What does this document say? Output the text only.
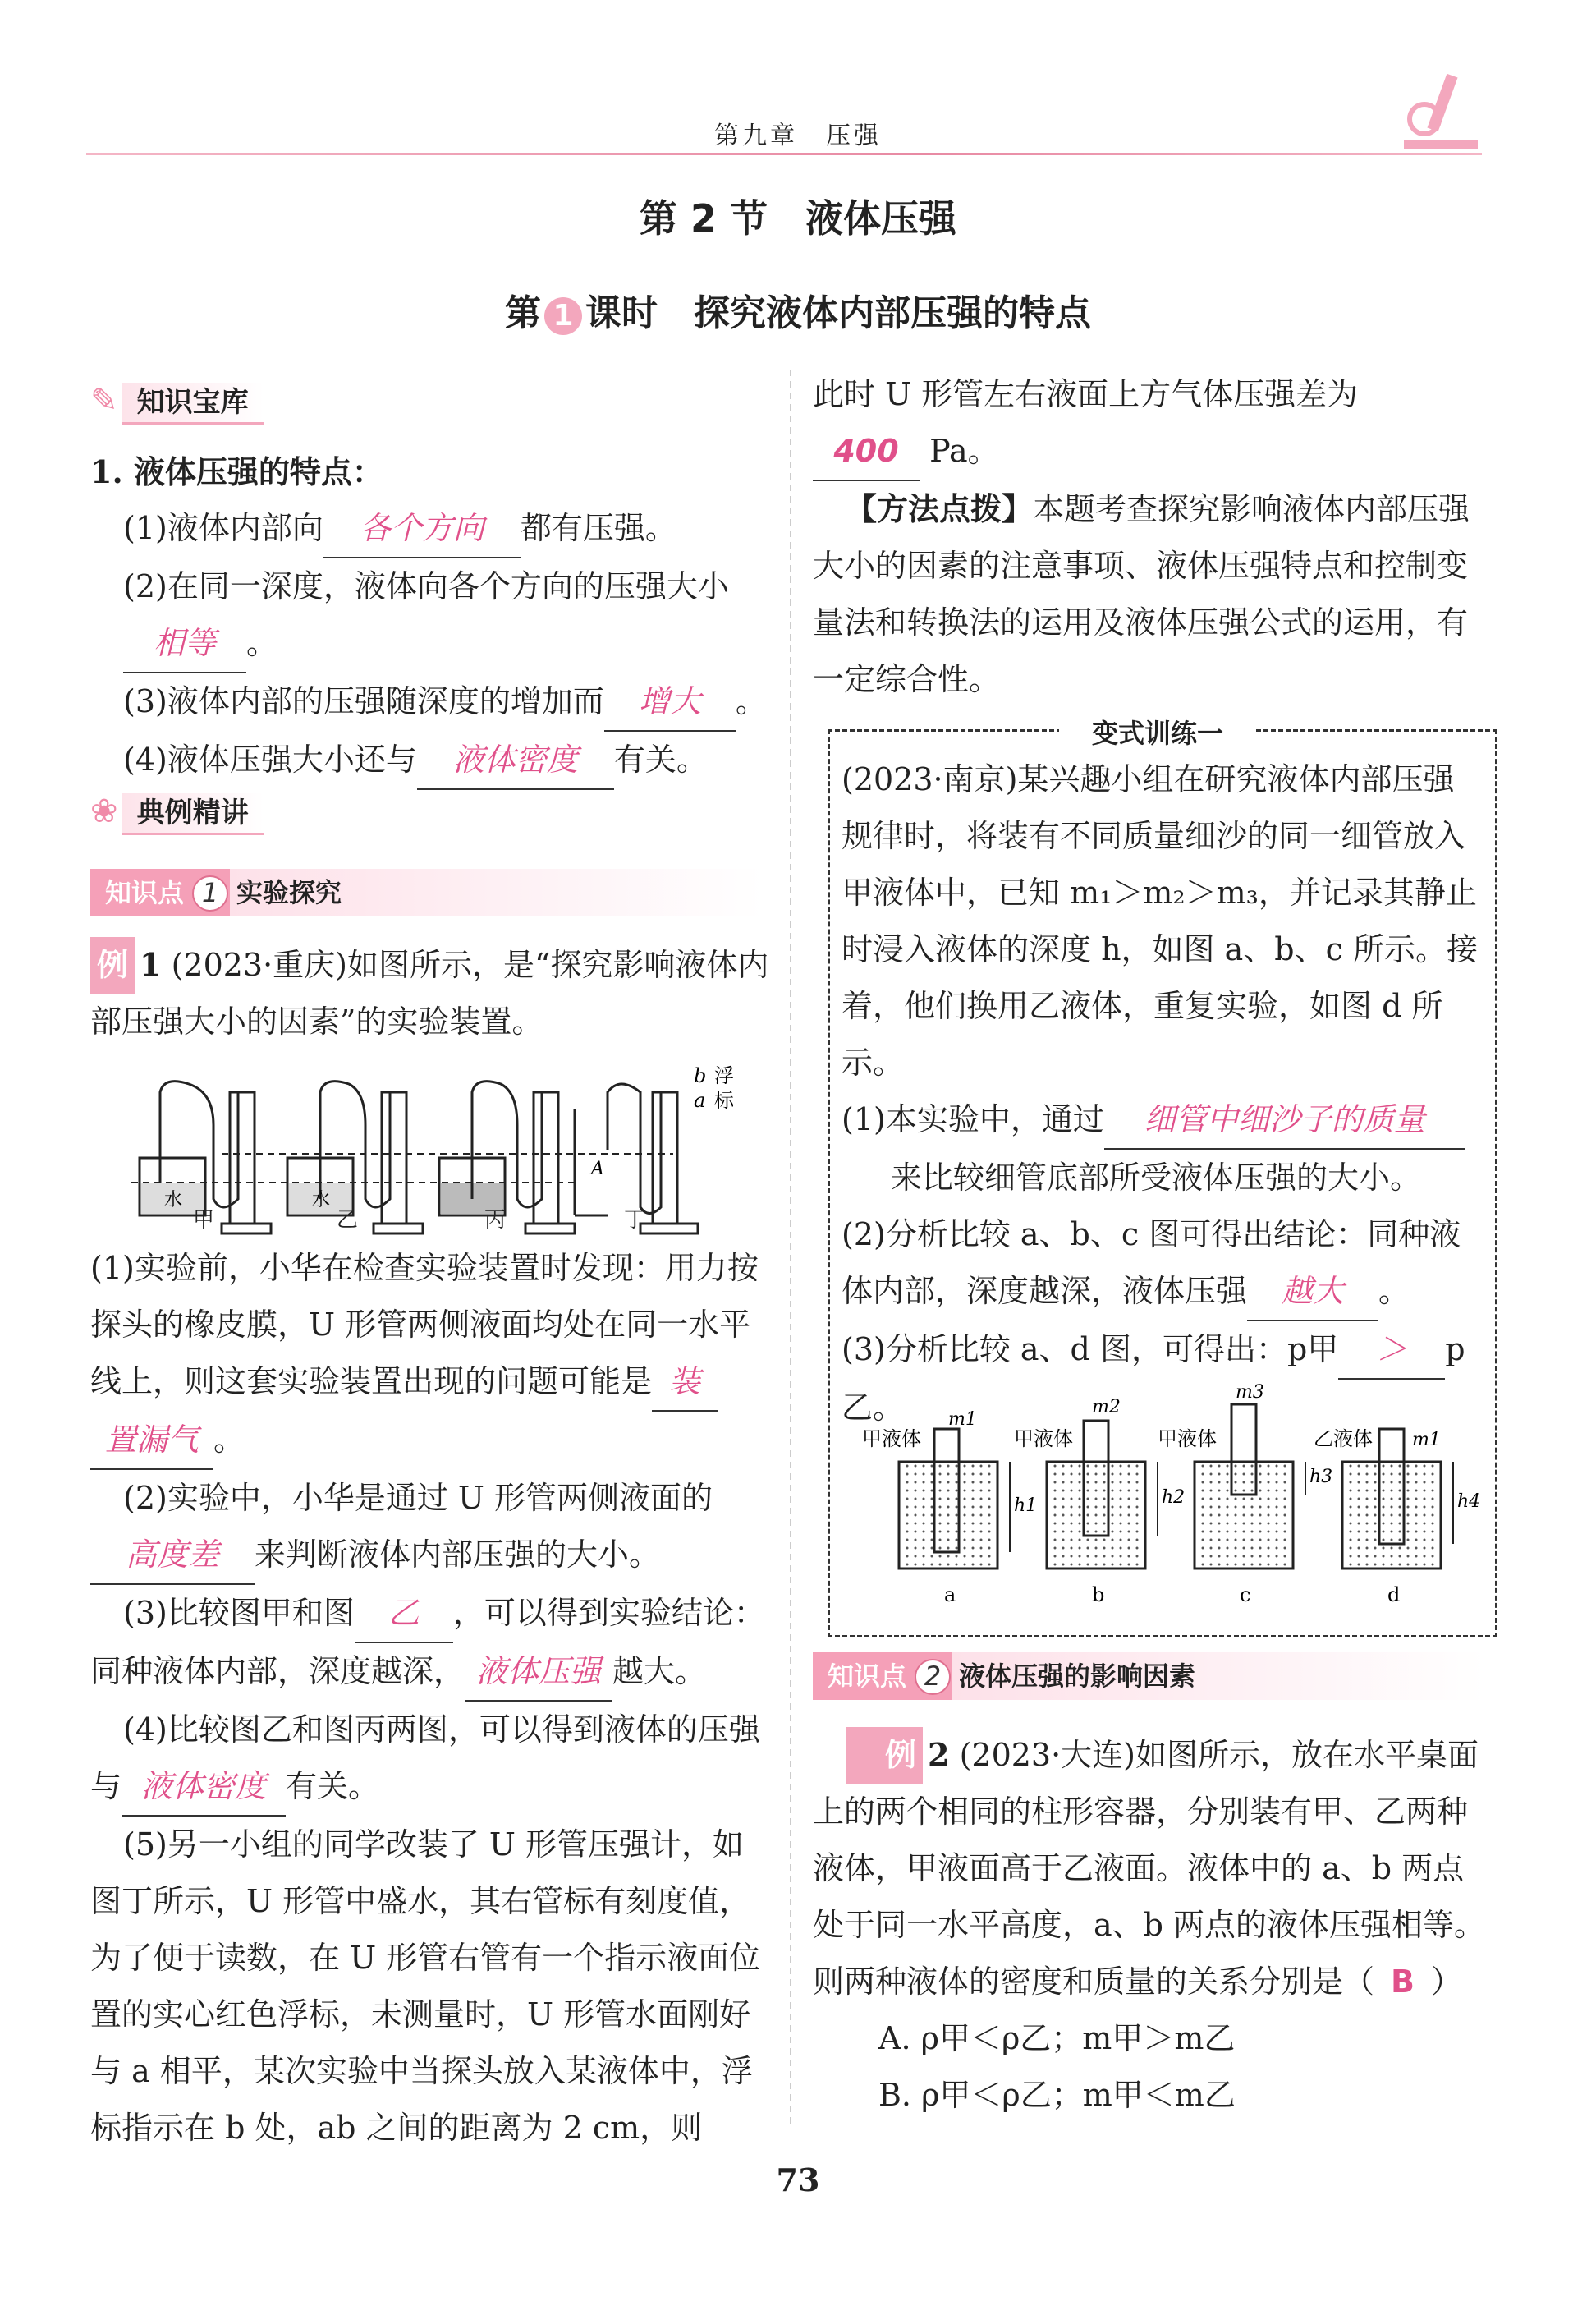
第九章　压强
第 2 节　液体压强
第 1 课时　探究液体内部压强的特点
✎ 知识宝库
1. 液体压强的特点：
(1)液体内部向 各个方向 都有压强。
(2)在同一深度，液体向各个方向的压强大小
相等 。
(3)液体内部的压强随深度的增加而 增大 。
(4)液体压强大小还与 液体密度 有关。
❀ 典例精讲
知识点 1 实验探究
例 1 (2023·重庆)如图所示，是“探究影响液体内部压强大小的因素”的实验装置。
水	水
A
b
a
浮
标
甲	乙	丙	丁
(1)实验前，小华在检查实验装置时发现：用力按探头的橡皮膜，U 形管两侧液面均处在同一水平线上，则这套实验装置出现的问题可能是 装
置漏气 。
(2)实验中，小华是通过 U 形管两侧液面的高度差 来判断液体内部压强的大小。
(3)比较图甲和图 乙 ，可以得到实验结论：同种液体内部，深度越深， 液体压强 越大。
(4)比较图乙和图丙两图，可以得到液体的压强与 液体密度 有关。
(5)另一小组的同学改装了 U 形管压强计，如图丁所示，U 形管中盛水，其右管标有刻度值，为了便于读数，在 U 形管右管有一个指示液面位置的实心红色浮标，未测量时，U 形管水面刚好与 a 相平，某次实验中当探头放入某液体中，浮标指示在 b 处，ab 之间的距离为 2 cm，则
此时 U 形管左右液面上方气体压强差为
400 Pa。
【方法点拨】本题考查探究影响液体内部压强大小的因素的注意事项、液体压强特点和控制变量法和转换法的运用及液体压强公式的运用，有一定综合性。
变式训练一
(2023·南京)某兴趣小组在研究液体内部压强规律时，将装有不同质量细沙的同一细管放入甲液体中，已知 m₁＞m₂＞m₃，并记录其静止时浸入液体的深度 h，如图 a、b、c 所示。接着，他们换用乙液体，重复实验，如图 d 所示。
(1)本实验中，通过 细管中细沙子的质量
来比较细管底部所受液体压强的大小。
(2)分析比较 a、b、c 图可得出结论：同种液体内部，深度越深，液体压强 越大 。
(3)分析比较 a、d 图，可得出：p甲 ＞ p乙。
甲液体	甲液体	甲液体	乙液体
m1
m2
m3
m1
h1	h2
h3
h4
a	b	c	d
知识点 2 液体压强的影响因素
例 2 (2023·大连)如图所示，放在水平桌面上的两个相同的柱形容器，分别装有甲、乙两种液体，甲液面高于乙液面。液体中的 a、b 两点处于同一水平高度，a、b 两点的液体压强相等。则两种液体的密度和质量的关系分别是（ B ）
A. ρ甲＜ρ乙；m甲＞m乙
B. ρ甲＜ρ乙；m甲＜m乙
73
